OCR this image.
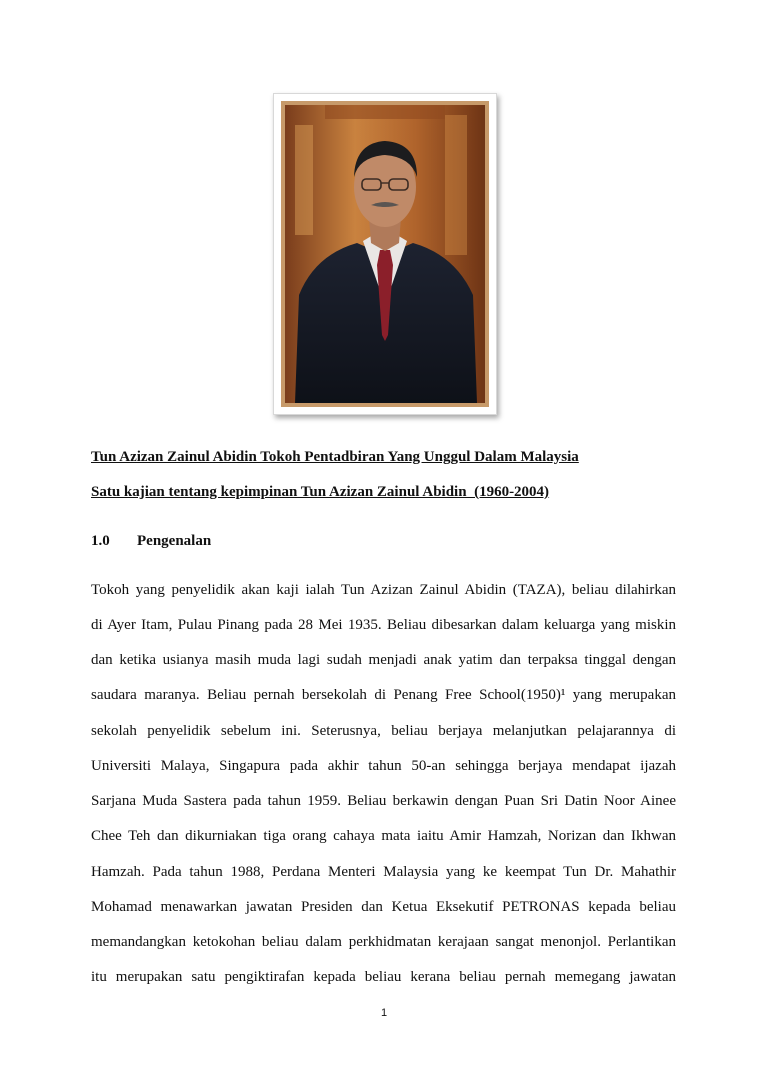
Tun Azizan Zainul Abidin Tokoh Pentadbiran Yang Unggul Dalam Malaysia
Satu kajian tentang kepimpinan Tun Azizan Zainul Abidin  (1960-2004)
1.0 Pengenalan
Tokoh yang penyelidik akan kaji ialah Tun Azizan Zainul Abidin (TAZA), beliau dilahirkan
di Ayer Itam, Pulau Pinang pada 28 Mei 1935. Beliau dibesarkan dalam keluarga yang miskin
dan ketika usianya masih muda lagi sudah menjadi anak yatim dan terpaksa tinggal dengan
saudara maranya. Beliau pernah bersekolah di Penang Free School(1950)¹ yang merupakan
sekolah penyelidik sebelum ini. Seterusnya, beliau berjaya melanjutkan pelajarannya di
Universiti Malaya, Singapura pada akhir tahun 50-an sehingga berjaya mendapat ijazah
Sarjana Muda Sastera pada tahun 1959. Beliau berkawin dengan Puan Sri Datin Noor Ainee
Chee Teh dan dikurniakan tiga orang cahaya mata iaitu Amir Hamzah, Norizan dan Ikhwan
Hamzah. Pada tahun 1988, Perdana Menteri Malaysia yang ke keempat Tun Dr. Mahathir
Mohamad menawarkan jawatan Presiden dan Ketua Eksekutif PETRONAS kepada beliau
memandangkan ketokohan beliau dalam perkhidmatan kerajaan sangat menonjol. Perlantikan
itu merupakan satu pengiktirafan kepada beliau kerana beliau pernah memegang jawatan
1
